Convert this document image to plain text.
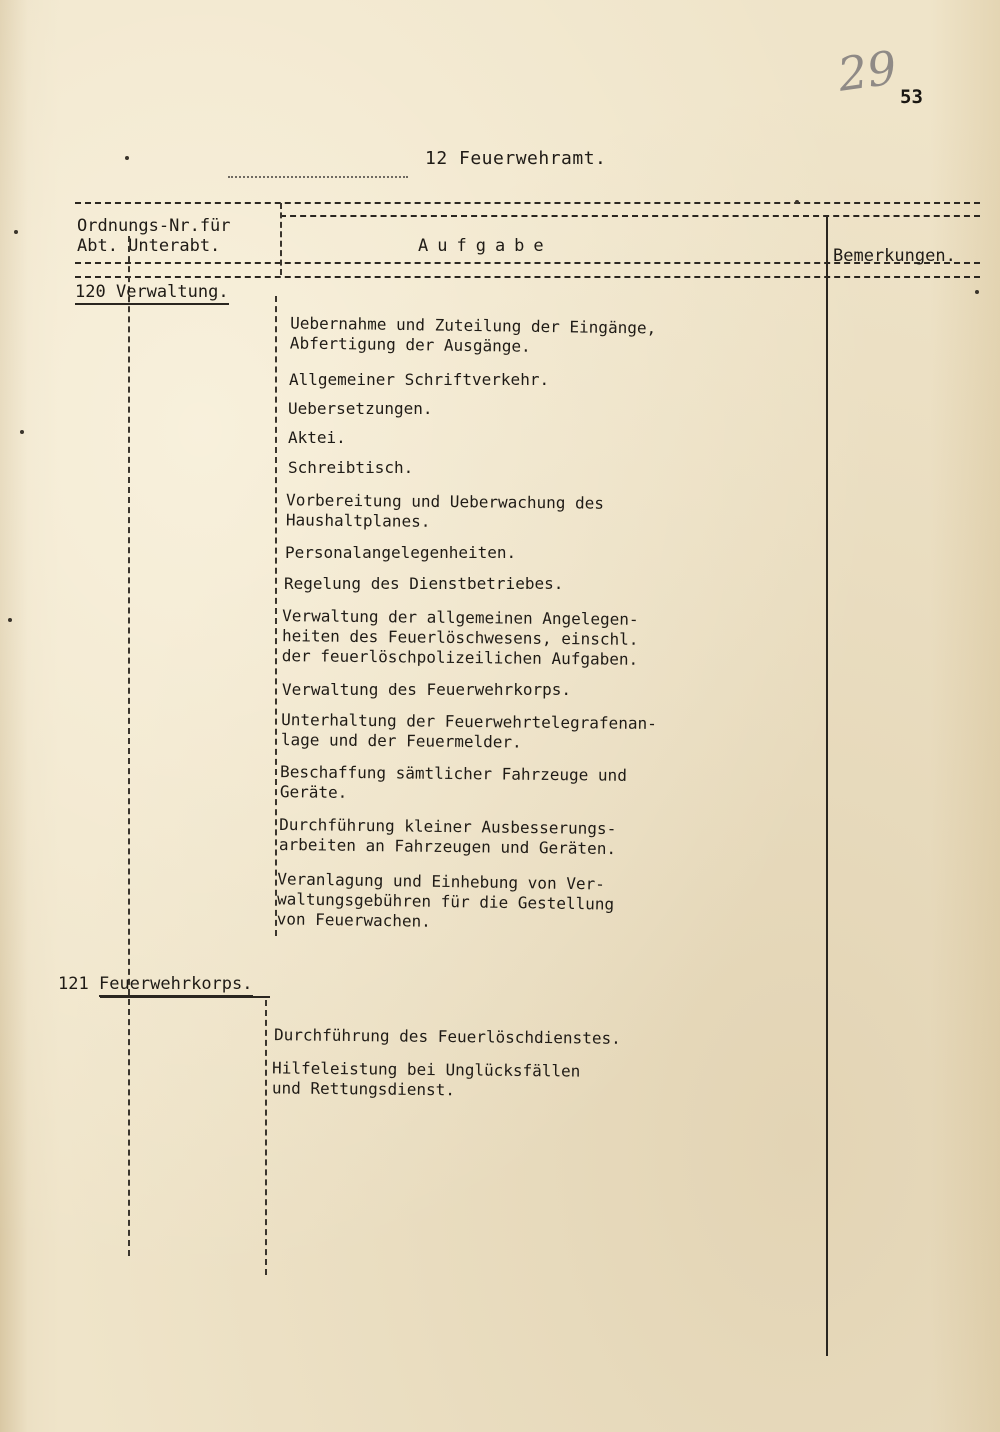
29 53
12 Feuerwehramt.
Ordnungs-Nr.für
Abt. Unterabt.	Aufgabe	Bemerkungen.
120 Verwaltung.
Uebernahme und Zuteilung der Eingänge,
Abfertigung der Ausgänge.
Allgemeiner Schriftverkehr.
Uebersetzungen.
Aktei.
Schreibtisch.
Vorbereitung und Ueberwachung des
Haushaltplanes.
Personalangelegenheiten.
Regelung des Dienstbetriebes.
Verwaltung der allgemeinen Angelegen-
heiten des Feuerlöschwesens, einschl.
der feuerlöschpolizeilichen Aufgaben.
Verwaltung des Feuerwehrkorps.
Unterhaltung der Feuerwehrtelegrafenan-
lage und der Feuermelder.
Beschaffung sämtlicher Fahrzeuge und
Geräte.
Durchführung kleiner Ausbesserungs-
arbeiten an Fahrzeugen und Geräten.
Veranlagung und Einhebung von Ver-
waltungsgebühren für die Gestellung
von Feuerwachen.
121 Feuerwehrkorps.
Durchführung des Feuerlöschdienstes.
Hilfeleistung bei Unglücksfällen
und Rettungsdienst.
